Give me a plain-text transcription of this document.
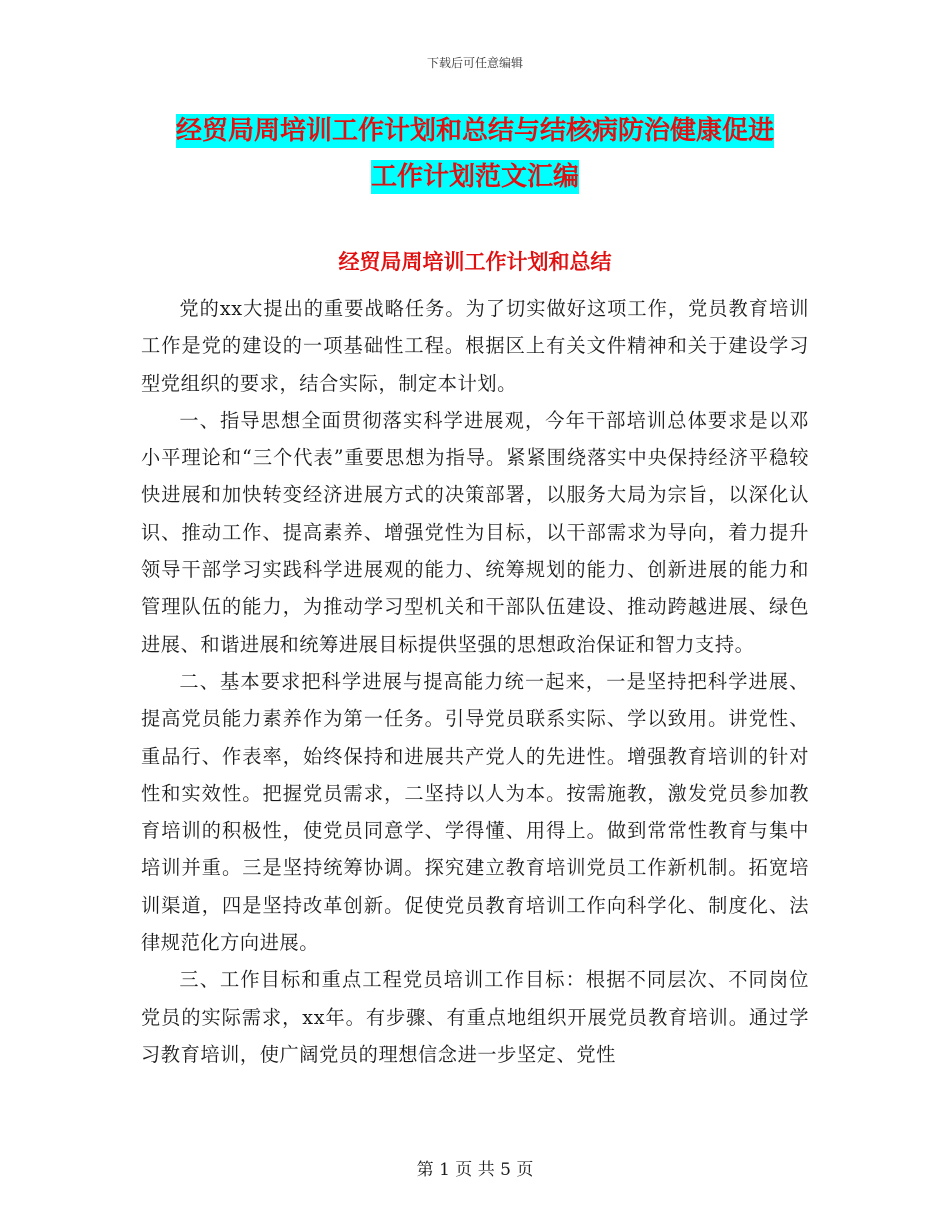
下载后可任意编辑
经贸局周培训工作计划和总结与结核病防治健康促进
工作计划范文汇编
经贸局周培训工作计划和总结

党的xx大提出的重要战略任务。为了切实做好这项工作，党员教育培训工作是党的建设的一项基础性工程。根据区上有关文件精神和关于建设学习型党组织的要求，结合实际，制定本计划。

一、指导思想全面贯彻落实科学进展观，今年干部培训总体要求是以邓小平理论和“三个代表”重要思想为指导。紧紧围绕落实中央保持经济平稳较快进展和加快转变经济进展方式的决策部署，以服务大局为宗旨，以深化认识、推动工作、提高素养、增强党性为目标，以干部需求为导向，着力提升领导干部学习实践科学进展观的能力、统筹规划的能力、创新进展的能力和管理队伍的能力，为推动学习型机关和干部队伍建设、推动跨越进展、绿色进展、和谐进展和统筹进展目标提供坚强的思想政治保证和智力支持。

二、基本要求把科学进展与提高能力统一起来，一是坚持把科学进展、提高党员能力素养作为第一任务。引导党员联系实际、学以致用。讲党性、重品行、作表率，始终保持和进展共产党人的先进性。增强教育培训的针对性和实效性。把握党员需求，二坚持以人为本。按需施教，激发党员参加教育培训的积极性，使党员同意学、学得懂、用得上。做到常常性教育与集中培训并重。三是坚持统筹协调。探究建立教育培训党员工作新机制。拓宽培训渠道，四是坚持改革创新。促使党员教育培训工作向科学化、制度化、法律规范化方向进展。

三、工作目标和重点工程党员培训工作目标：根据不同层次、不同岗位党员的实际需求，xx年。有步骤、有重点地组织开展党员教育培训。通过学习教育培训，使广阔党员的理想信念进一步坚定、党性

第 1 页 共 5 页
